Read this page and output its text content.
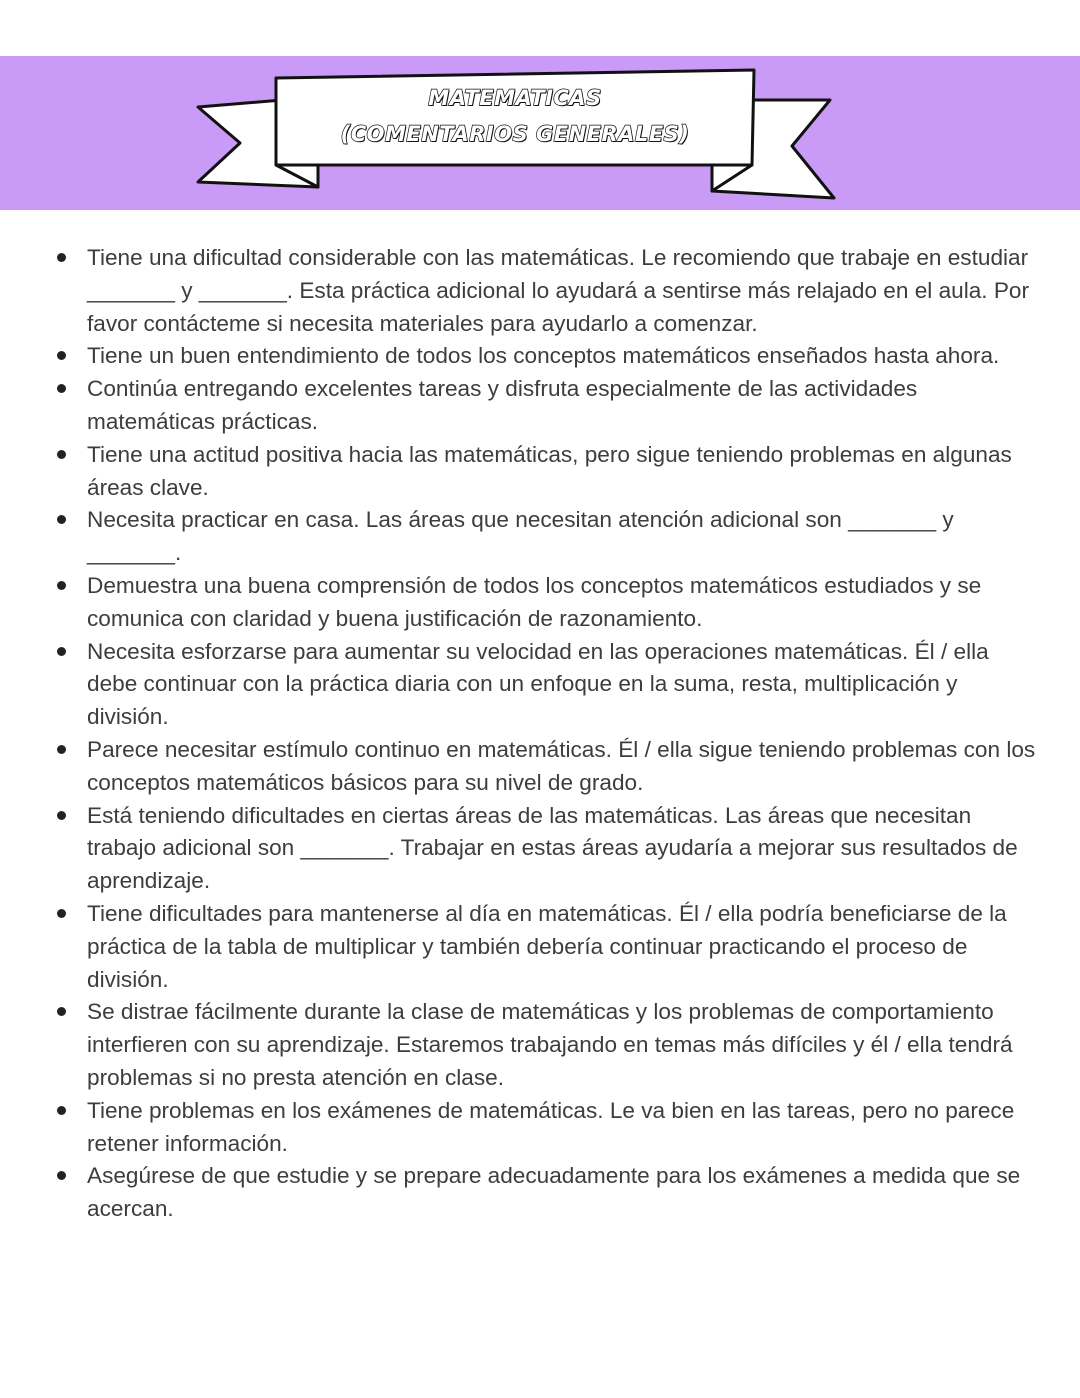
MATEMATICAS
(COMENTARIOS GENERALES)
Tiene una dificultad considerable con las matemáticas. Le recomiendo que trabaje en estudiar _______ y _______. Esta práctica adicional lo ayudará a sentirse más relajado en el aula. Por favor contácteme si necesita materiales para ayudarlo a comenzar.
Tiene un buen entendimiento de todos los conceptos matemáticos enseñados hasta ahora.
Continúa entregando excelentes tareas y disfruta especialmente de las actividades matemáticas prácticas.
Tiene una actitud positiva hacia las matemáticas, pero sigue teniendo problemas en algunas áreas clave.
Necesita practicar en casa. Las áreas que necesitan atención adicional son _______ y _______.
Demuestra una buena comprensión de todos los conceptos matemáticos estudiados y se comunica con claridad y buena justificación de razonamiento.
Necesita esforzarse para aumentar su velocidad en las operaciones matemáticas. Él / ella debe continuar con la práctica diaria con un enfoque en la suma, resta, multiplicación y división.
Parece necesitar estímulo continuo en matemáticas. Él / ella sigue teniendo problemas con los conceptos matemáticos básicos para su nivel de grado.
Está teniendo dificultades en ciertas áreas de las matemáticas. Las áreas que necesitan trabajo adicional son _______. Trabajar en estas áreas ayudaría a mejorar sus resultados de aprendizaje.
Tiene dificultades para mantenerse al día en matemáticas. Él / ella podría beneficiarse de la práctica de la tabla de multiplicar y también debería continuar practicando el proceso de división.
Se distrae fácilmente durante la clase de matemáticas y los problemas de comportamiento interfieren con su aprendizaje. Estaremos trabajando en temas más difíciles y él / ella tendrá problemas si no presta atención en clase.
Tiene problemas en los exámenes de matemáticas. Le va bien en las tareas, pero no parece retener información.
Asegúrese de que estudie y se prepare adecuadamente para los exámenes a medida que se acercan.
